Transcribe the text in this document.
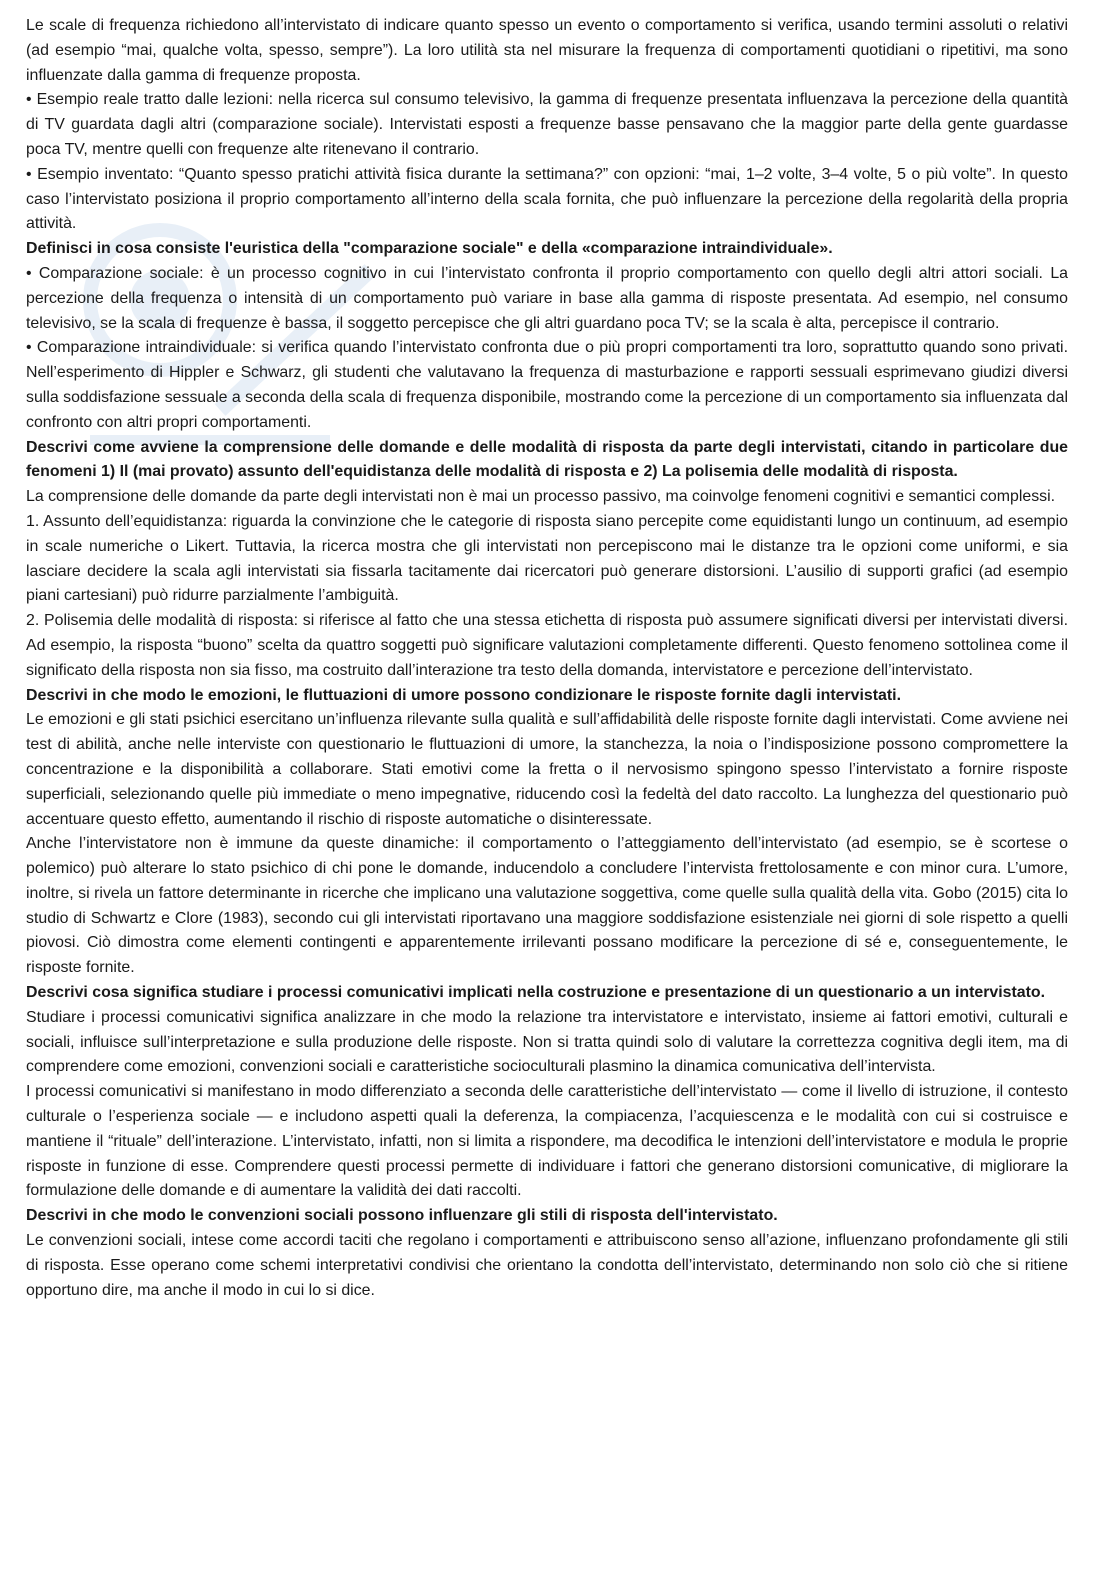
Le scale di frequenza richiedono all’intervistato di indicare quanto spesso un evento o comportamento si verifica, usando termini assoluti o relativi (ad esempio “mai, qualche volta, spesso, sempre”). La loro utilità sta nel misurare la frequenza di comportamenti quotidiani o ripetitivi, ma sono influenzate dalla gamma di frequenze proposta.

• Esempio reale tratto dalle lezioni: nella ricerca sul consumo televisivo, la gamma di frequenze presentata influenzava la percezione della quantità di TV guardata dagli altri (comparazione sociale). Intervistati esposti a frequenze basse pensavano che la maggior parte della gente guardasse poca TV, mentre quelli con frequenze alte ritenevano il contrario.

• Esempio inventato: “Quanto spesso pratichi attività fisica durante la settimana?” con opzioni: “mai, 1–2 volte, 3–4 volte, 5 o più volte”. In questo caso l’intervistato posiziona il proprio comportamento all’interno della scala fornita, che può influenzare la percezione della regolarità della propria attività.

Definisci in cosa consiste l'euristica della "comparazione sociale" e della «comparazione intraindividuale».

• Comparazione sociale: è un processo cognitivo in cui l’intervistato confronta il proprio comportamento con quello degli altri attori sociali. La percezione della frequenza o intensità di un comportamento può variare in base alla gamma di risposte presentata. Ad esempio, nel consumo televisivo, se la scala di frequenze è bassa, il soggetto percepisce che gli altri guardano poca TV; se la scala è alta, percepisce il contrario.

• Comparazione intraindividuale: si verifica quando l’intervistato confronta due o più propri comportamenti tra loro, soprattutto quando sono privati. Nell’esperimento di Hippler e Schwarz, gli studenti che valutavano la frequenza di masturbazione e rapporti sessuali esprimevano giudizi diversi sulla soddisfazione sessuale a seconda della scala di frequenza disponibile, mostrando come la percezione di un comportamento sia influenzata dal confronto con altri propri comportamenti.

Descrivi come avviene la comprensione delle domande e delle modalità di risposta da parte degli intervistati, citando in particolare due fenomeni 1) Il (mai provato) assunto dell'equidistanza delle modalità di risposta e 2) La polisemia delle modalità di risposta.

La comprensione delle domande da parte degli intervistati non è mai un processo passivo, ma coinvolge fenomeni cognitivi e semantici complessi.

1. Assunto dell’equidistanza: riguarda la convinzione che le categorie di risposta siano percepite come equidistanti lungo un continuum, ad esempio in scale numeriche o Likert. Tuttavia, la ricerca mostra che gli intervistati non percepiscono mai le distanze tra le opzioni come uniformi, e sia lasciare decidere la scala agli intervistati sia fissarla tacitamente dai ricercatori può generare distorsioni. L’ausilio di supporti grafici (ad esempio piani cartesiani) può ridurre parzialmente l’ambiguità.

2. Polisemia delle modalità di risposta: si riferisce al fatto che una stessa etichetta di risposta può assumere significati diversi per intervistati diversi. Ad esempio, la risposta “buono” scelta da quattro soggetti può significare valutazioni completamente differenti. Questo fenomeno sottolinea come il significato della risposta non sia fisso, ma costruito dall’interazione tra testo della domanda, intervistatore e percezione dell’intervistato.

Descrivi in che modo le emozioni, le fluttuazioni di umore possono condizionare le risposte fornite dagli intervistati.

Le emozioni e gli stati psichici esercitano un’influenza rilevante sulla qualità e sull’affidabilità delle risposte fornite dagli intervistati. Come avviene nei test di abilità, anche nelle interviste con questionario le fluttuazioni di umore, la stanchezza, la noia o l’indisposizione possono compromettere la concentrazione e la disponibilità a collaborare. Stati emotivi come la fretta o il nervosismo spingono spesso l’intervistato a fornire risposte superficiali, selezionando quelle più immediate o meno impegnative, riducendo così la fedeltà del dato raccolto. La lunghezza del questionario può accentuare questo effetto, aumentando il rischio di risposte automatiche o disinteressate.

Anche l’intervistatore non è immune da queste dinamiche: il comportamento o l’atteggiamento dell’intervistato (ad esempio, se è scortese o polemico) può alterare lo stato psichico di chi pone le domande, inducendolo a concludere l’intervista frettolosamente e con minor cura. L’umore, inoltre, si rivela un fattore determinante in ricerche che implicano una valutazione soggettiva, come quelle sulla qualità della vita. Gobo (2015) cita lo studio di Schwartz e Clore (1983), secondo cui gli intervistati riportavano una maggiore soddisfazione esistenziale nei giorni di sole rispetto a quelli piovosi. Ciò dimostra come elementi contingenti e apparentemente irrilevanti possano modificare la percezione di sé e, conseguentemente, le risposte fornite.

Descrivi cosa significa studiare i processi comunicativi implicati nella costruzione e presentazione di un questionario a un intervistato.

Studiare i processi comunicativi significa analizzare in che modo la relazione tra intervistatore e intervistato, insieme ai fattori emotivi, culturali e sociali, influisce sull’interpretazione e sulla produzione delle risposte. Non si tratta quindi solo di valutare la correttezza cognitiva degli item, ma di comprendere come emozioni, convenzioni sociali e caratteristiche socioculturali plasmino la dinamica comunicativa dell’intervista.

I processi comunicativi si manifestano in modo differenziato a seconda delle caratteristiche dell’intervistato — come il livello di istruzione, il contesto culturale o l’esperienza sociale — e includono aspetti quali la deferenza, la compiacenza, l’acquiescenza e le modalità con cui si costruisce e mantiene il “rituale” dell’interazione. L’intervistato, infatti, non si limita a rispondere, ma decodifica le intenzioni dell’intervistatore e modula le proprie risposte in funzione di esse. Comprendere questi processi permette di individuare i fattori che generano distorsioni comunicative, di migliorare la formulazione delle domande e di aumentare la validità dei dati raccolti.

Descrivi in che modo le convenzioni sociali possono influenzare gli stili di risposta dell'intervistato.

Le convenzioni sociali, intese come accordi taciti che regolano i comportamenti e attribuiscono senso all’azione, influenzano profondamente gli stili di risposta. Esse operano come schemi interpretativi condivisi che orientano la condotta dell’intervistato, determinando non solo ciò che si ritiene opportuno dire, ma anche il modo in cui lo si dice.
